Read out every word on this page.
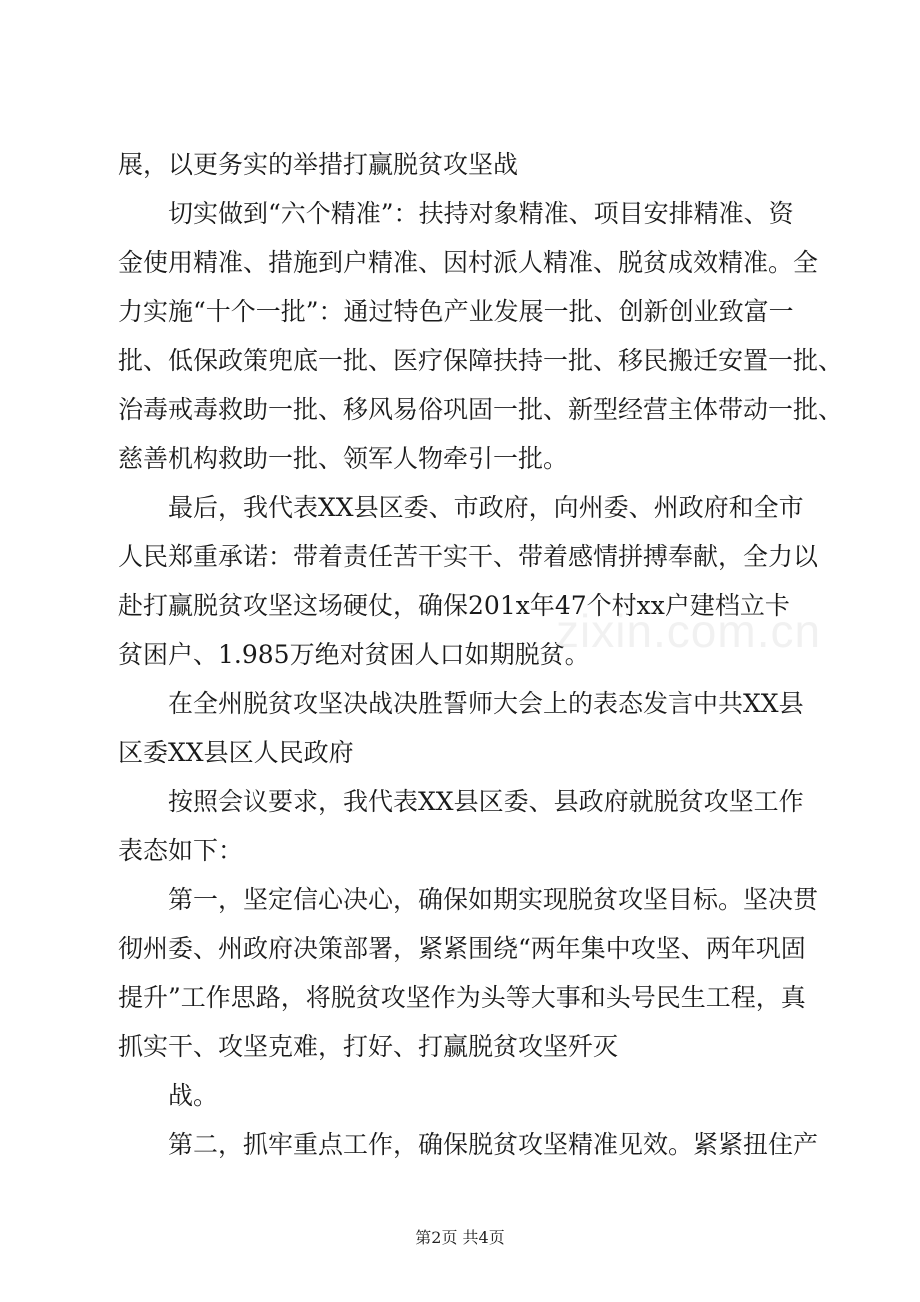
zixin.com.cn
展，以更务实的举措打赢脱贫攻坚战
　　切实做到“六个精准”：扶持对象精准、项目安排精准、资
金使用精准、措施到户精准、因村派人精准、脱贫成效精准。全
力实施“十个一批”：通过特色产业发展一批、创新创业致富一
批、低保政策兜底一批、医疗保障扶持一批、移民搬迁安置一批、
治毒戒毒救助一批、移风易俗巩固一批、新型经营主体带动一批、
慈善机构救助一批、领军人物牵引一批。
　　最后，我代表XX县区委、市政府，向州委、州政府和全市
人民郑重承诺：带着责任苦干实干、带着感情拼搏奉献，全力以
赴打赢脱贫攻坚这场硬仗，确保201x年47个村xx户建档立卡
贫困户、1.985万绝对贫困人口如期脱贫。
　　在全州脱贫攻坚决战决胜誓师大会上的表态发言中共XX县
区委XX县区人民政府
　　按照会议要求，我代表XX县区委、县政府就脱贫攻坚工作
表态如下：
　　第一，坚定信心决心，确保如期实现脱贫攻坚目标。坚决贯
彻州委、州政府决策部署，紧紧围绕“两年集中攻坚、两年巩固
提升”工作思路，将脱贫攻坚作为头等大事和头号民生工程，真
抓实干、攻坚克难，打好、打赢脱贫攻坚歼灭
第2页 共4页
　　战。
　　第二，抓牢重点工作，确保脱贫攻坚精准见效。紧紧扭住产
